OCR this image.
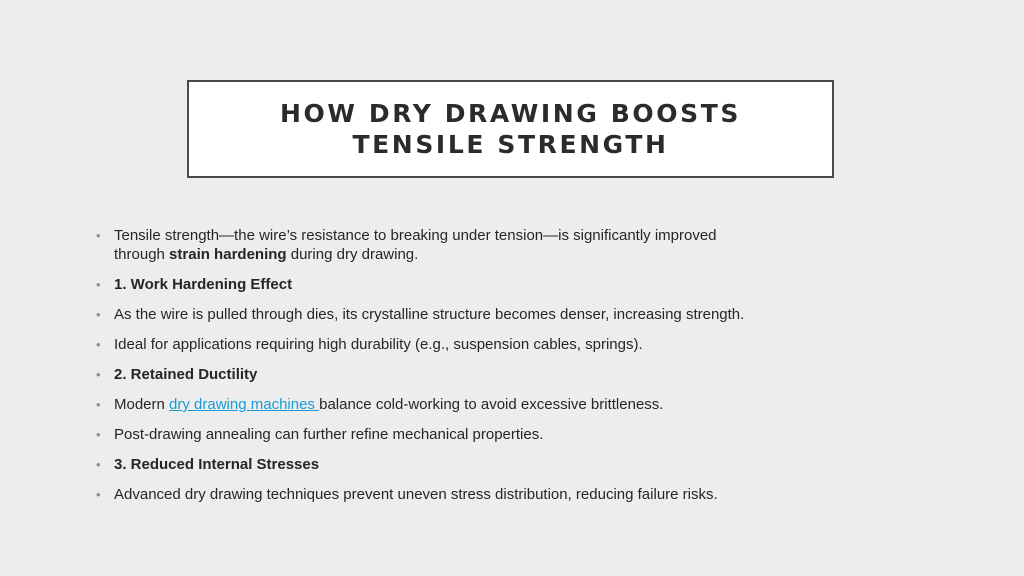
HOW DRY DRAWING BOOSTS
TENSILE STRENGTH
• Tensile strength—the wire’s resistance to breaking under tension—is significantly improved
through strain hardening during dry drawing.
• 1. Work Hardening Effect
• As the wire is pulled through dies, its crystalline structure becomes denser, increasing strength.
• Ideal for applications requiring high durability (e.g., suspension cables, springs).
• 2. Retained Ductility
• Modern dry drawing machines balance cold-working to avoid excessive brittleness.
• Post-drawing annealing can further refine mechanical properties.
• 3. Reduced Internal Stresses
• Advanced dry drawing techniques prevent uneven stress distribution, reducing failure risks.
